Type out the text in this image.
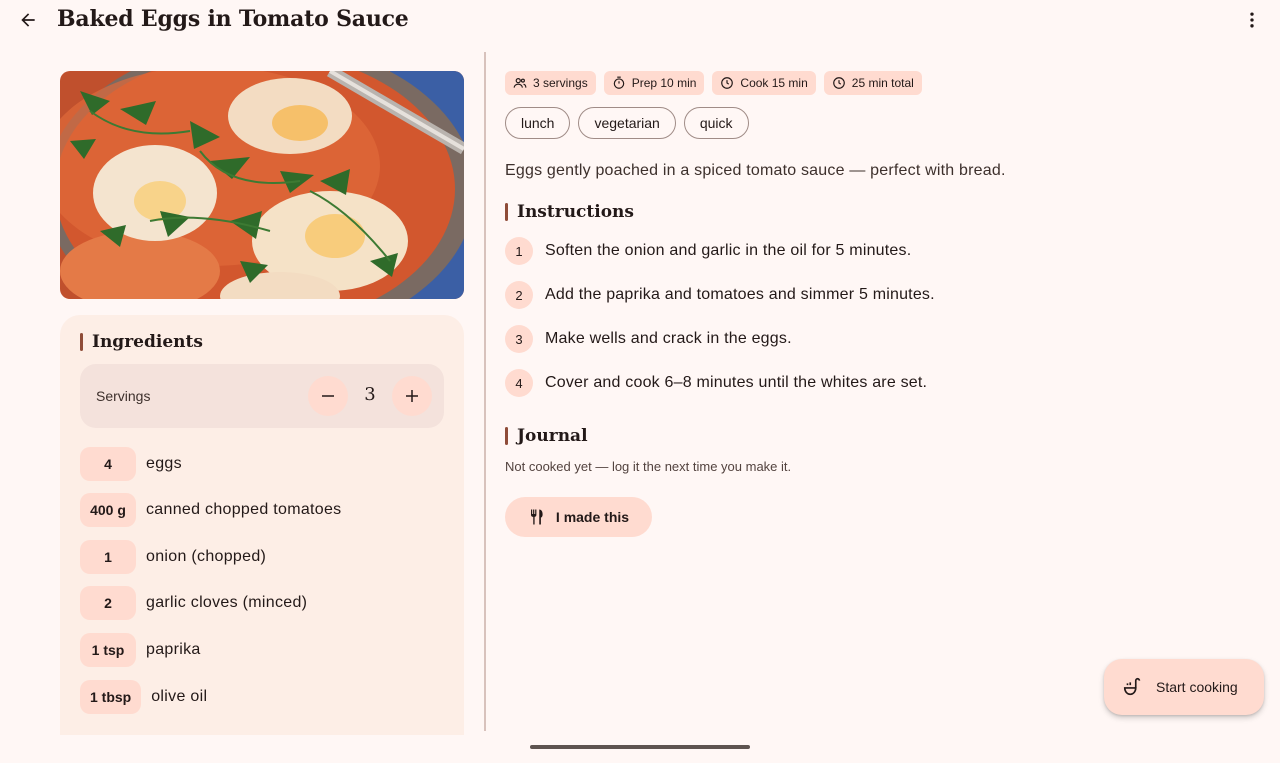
Baked Eggs in Tomato Sauce
Ingredients
Servings	3
4	eggs
400 g	canned chopped tomatoes
1	onion (chopped)
2	garlic cloves (minced)
1 tsp	paprika
1 tbsp	olive oil
3 servings	Prep 10 min	Cook 15 min	25 min total
lunch	vegetarian	quick
Eggs gently poached in a spiced tomato sauce — perfect with bread.
Instructions
1	Soften the onion and garlic in the oil for 5 minutes.
2	Add the paprika and tomatoes and simmer 5 minutes.
3	Make wells and crack in the eggs.
4	Cover and cook 6–8 minutes until the whites are set.
Journal
Not cooked yet — log it the next time you make it.
I made this
Start cooking
